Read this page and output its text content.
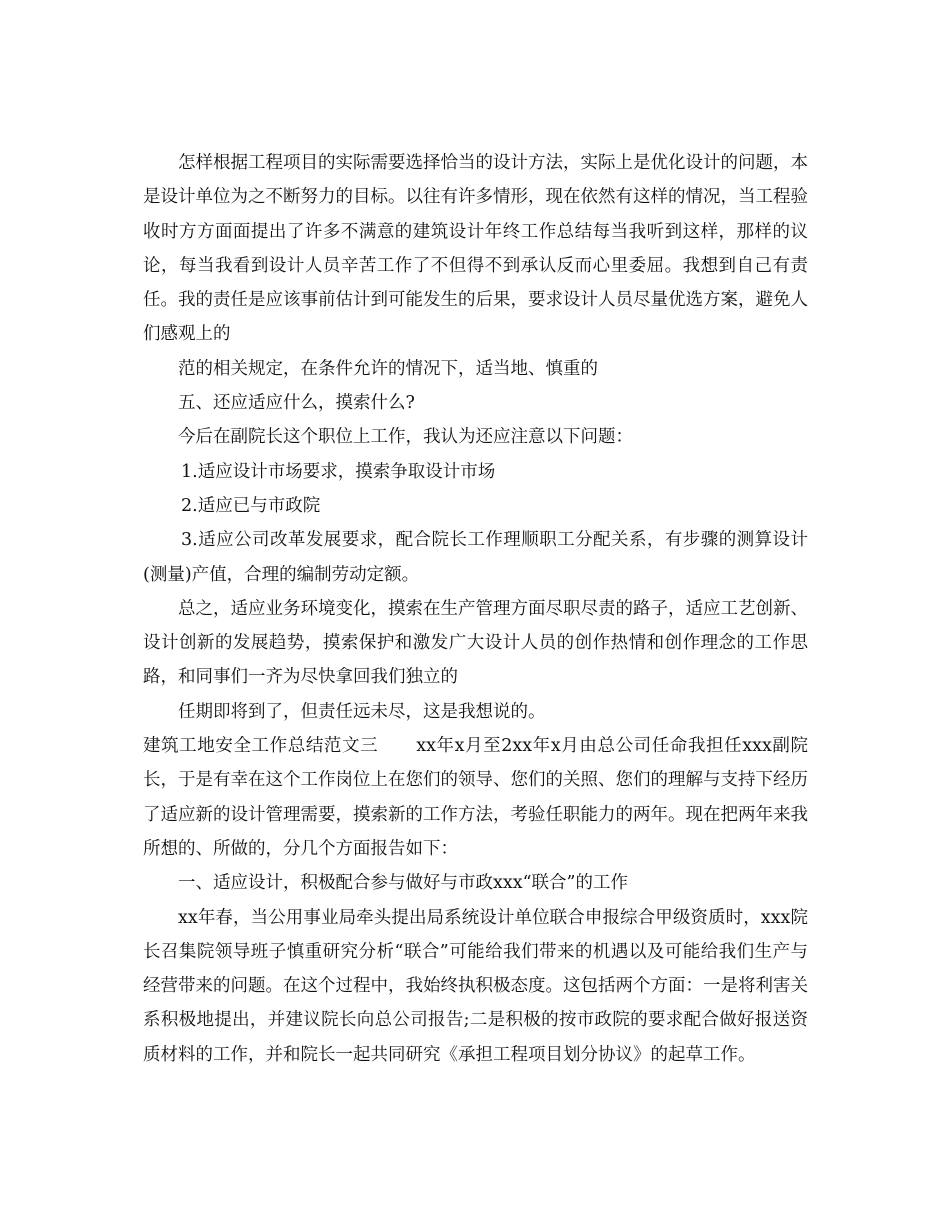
怎样根据工程项目的实际需要选择恰当的设计方法，实际上是优化设计的问题，本是设计单位为之不断努力的目标。以往有许多情形，现在依然有这样的情况，当工程验收时方方面面提出了许多不满意的建筑设计年终工作总结每当我听到这样，那样的议论，每当我看到设计人员辛苦工作了不但得不到承认反而心里委屈。我想到自己有责任。我的责任是应该事前估计到可能发生的后果，要求设计人员尽量优选方案，避免人们感观上的

范的相关规定，在条件允许的情况下，适当地、慎重的

五、还应适应什么，摸索什么?

今后在副院长这个职位上工作，我认为还应注意以下问题：

1.适应设计市场要求，摸索争取设计市场

2.适应已与市政院

3.适应公司改革发展要求，配合院长工作理顺职工分配关系，有步骤的测算设计(测量)产值，合理的编制劳动定额。

总之，适应业务环境变化，摸索在生产管理方面尽职尽责的路子，适应工艺创新、设计创新的发展趋势，摸索保护和激发广大设计人员的创作热情和创作理念的工作思路，和同事们一齐为尽快拿回我们独立的

任期即将到了，但责任远未尽，这是我想说的。

建筑工地安全工作总结范文三 xx年x月至2xx年x月由总公司任命我担任xxx副院长，于是有幸在这个工作岗位上在您们的领导、您们的关照、您们的理解与支持下经历了适应新的设计管理需要，摸索新的工作方法，考验任职能力的两年。现在把两年来我所想的、所做的，分几个方面报告如下：

一、适应设计，积极配合参与做好与市政xxx“联合”的工作

xx年春，当公用事业局牵头提出局系统设计单位联合申报综合甲级资质时，xxx院长召集院领导班子慎重研究分析“联合”可能给我们带来的机遇以及可能给我们生产与经营带来的问题。在这个过程中，我始终执积极态度。这包括两个方面：一是将利害关系积极地提出，并建议院长向总公司报告;二是积极的按市政院的要求配合做好报送资质材料的工作，并和院长一起共同研究《承担工程项目划分协议》的起草工作。
